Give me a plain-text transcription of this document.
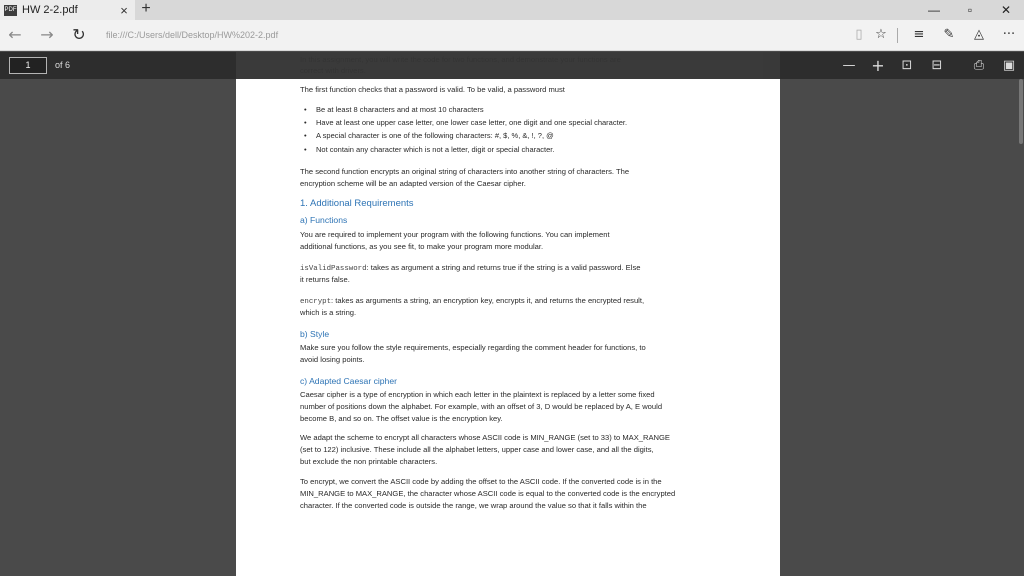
PDF HW 2-2.pdf	× +	—	▫	✕
←	→	↻	file:///C:/Users/dell/Desktop/HW%202-2.pdf	▯ ☆	≡	✎	◬	···
The first function checks that a password is valid. To be valid, a password must
• Be at least 8 characters and at most 10 characters
• Have at least one upper case letter, one lower case letter, one digit and one special character.
• A special character is one of the following characters: #, $, %, &, !, ?, @
• Not contain any character which is not a letter, digit or special character.
The second function encrypts an original string of characters into another string of characters. The
encryption scheme will be an adapted version of the Caesar cipher.
1. Additional Requirements
a) Functions
You are required to implement your program with the following functions. You can implement
additional functions, as you see fit, to make your program more modular.
isValidPassword: takes as argument a string and returns true if the string is a valid password. Else
it returns false.
encrypt: takes as arguments a string, an encryption key, encrypts it, and returns the encrypted result,
which is a string.
b) Style
Make sure you follow the style requirements, especially regarding the comment header for functions, to
avoid losing points.
c) Adapted Caesar cipher
Caesar cipher is a type of encryption in which each letter in the plaintext is replaced by a letter some fixed
number of positions down the alphabet. For example, with an offset of 3, D would be replaced by A, E would
become B, and so on. The offset value is the encryption key.
We adapt the scheme to encrypt all characters whose ASCII code is MIN_RANGE (set to 33) to MAX_RANGE
(set to 122) inclusive. These include all the alphabet letters, upper case and lower case, and all the digits,
but exclude the non printable characters.
To encrypt, we convert the ASCII code by adding the offset to the ASCII code. If the converted code is in the
MIN_RANGE to MAX_RANGE, the character whose ASCII code is equal to the converted code is the encrypted
character. If the converted code is outside the range, we wrap around the value so that it falls within the
1	of 6	— +	⊡	⊟	⎙	▣
